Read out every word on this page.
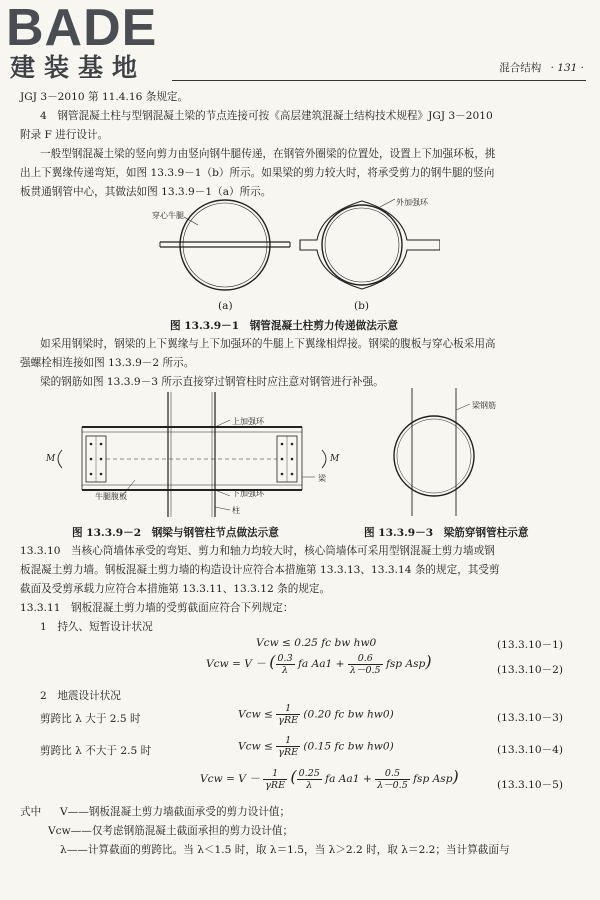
BADE
建装基地	混合结构 · 131 ·
JGJ 3－2010 第 11.4.16 条规定。
4　钢管混凝土柱与型钢混凝土梁的节点连接可按《高层建筑混凝土结构技术规程》JGJ 3－2010
附录 F 进行设计。
一般型钢混凝土梁的竖向剪力由竖向钢牛腿传递，在钢管外圈梁的位置处，设置上下加强环板，挑
出上下翼缘传递弯矩，如图 13.3.9－1（b）所示。如果梁的剪力较大时，将承受剪力的钢牛腿的竖向
板贯通钢管中心，其做法如图 13.3.9－1（a）所示。
穿心牛腿
外加强环
(a)	(b)
图 13.3.9－1　钢管混凝土柱剪力传递做法示意
如采用钢梁时，钢梁的上下翼缘与上下加强环的牛腿上下翼缘相焊接。钢梁的腹板与穿心板采用高
强螺栓相连接如图 13.3.9－2 所示。
梁的钢筋如图 13.3.9－3 所示直接穿过钢管柱时应注意对钢管进行补强。
上加强环
下加强环
梁
牛腿腹板
柱
M	M
梁钢筋
图 13.3.9－2　钢梁与钢管柱节点做法示意	图 13.3.9－3　梁筋穿钢管柱示意
13.3.10　当核心筒墙体承受的弯矩、剪力和轴力均较大时，核心筒墙体可采用型钢混凝土剪力墙或钢
板混凝土剪力墙。钢板混凝土剪力墙的构造设计应符合本措施第 13.3.13、13.3.14 条的规定，其受剪
截面及受剪承载力应符合本措施第 13.3.11、13.3.12 条的规定。
13.3.11　钢板混凝土剪力墙的受剪截面应符合下列规定：
1　持久、短暂设计状况
Vcw ≤ 0.25 fc bw hw0	(13.3.10－1)
Vcw = V － ( $\frac{0.3}{\lambda}$ fa $Aa1 + \frac{0.6}{\lambda-0.5}$ fsp Asp)	(13.3.10－2)
2　地震设计状况
剪跨比 λ 大于 2.5 时	Vcw ≤ $\frac{1}{\text{γRE}} (0.20$ fc bw hw0)	(13.3.10－3)
剪跨比 λ 不大于 2.5 时	Vcw ≤ $\frac{1}{\text{γRE}} (0.15$ fc bw hw0)	(13.3.10－4)
Vcw = $V - \frac{1}{\text{γRE}}$ ( $\frac{0.25}{\lambda}$ fa $Aa1 + \frac{0.5}{\lambda-0.5}$ fsp Asp)	(13.3.10－5)
式中 V——钢板混凝土剪力墙截面承受的剪力设计值；
Vcw——仅考虑钢筋混凝土截面承担的剪力设计值；
λ——计算截面的剪跨比。当 λ＜1.5 时，取 λ＝1.5，当 λ＞2.2 时，取 λ＝2.2；当计算截面与
